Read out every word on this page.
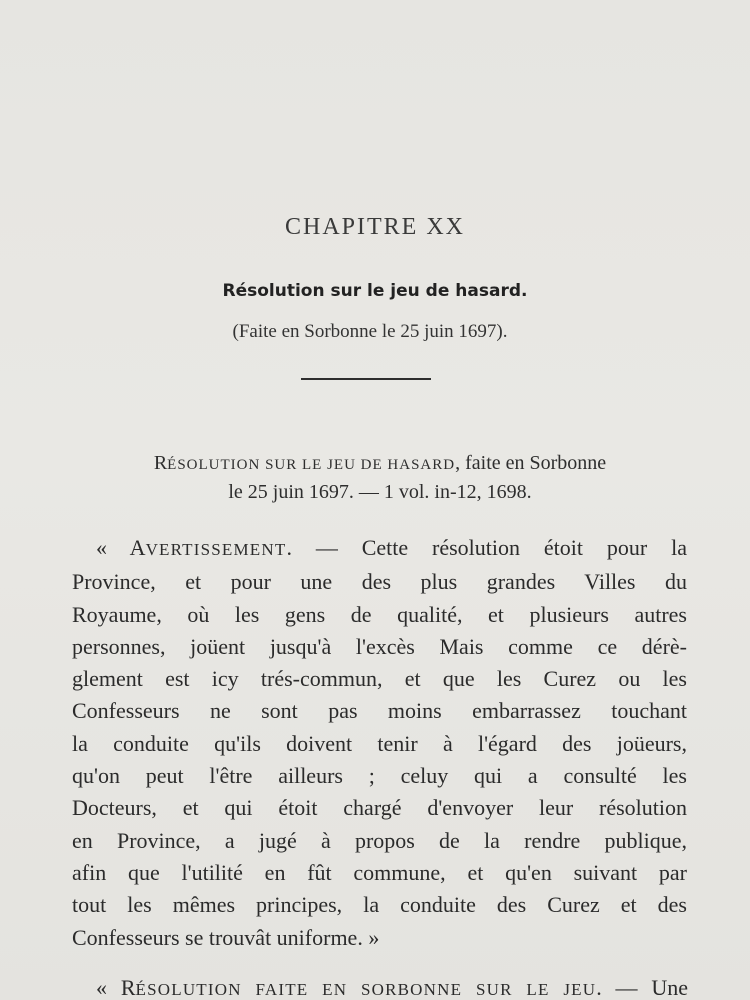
CHAPITRE XX
Résolution sur le jeu de hasard.
(Faite en Sorbonne le 25 juin 1697).
RÉSOLUTION SUR LE JEU DE HASARD, faite en Sorbonne
le 25 juin 1697. — 1 vol. in-12, 1698.
« AVERTISSEMENT. — Cette résolution étoit pour la
Province, et pour une des plus grandes Villes du
Royaume, où les gens de qualité, et plusieurs autres
personnes, joüent jusqu'à l'excès Mais comme ce dérè-
glement est icy trés-commun, et que les Curez ou les
Confesseurs ne sont pas moins embarrassez touchant
la conduite qu'ils doivent tenir à l'égard des joüeurs,
qu'on peut l'être ailleurs ; celuy qui a consulté les
Docteurs, et qui étoit chargé d'envoyer leur résolution
en Province, a jugé à propos de la rendre publique,
afin que l'utilité en fût commune, et qu'en suivant par
tout les mêmes principes, la conduite des Curez et des
Confesseurs se trouvât uniforme. »
« RÉSOLUTION FAITE EN SORBONNE SUR LE JEU. — Une
